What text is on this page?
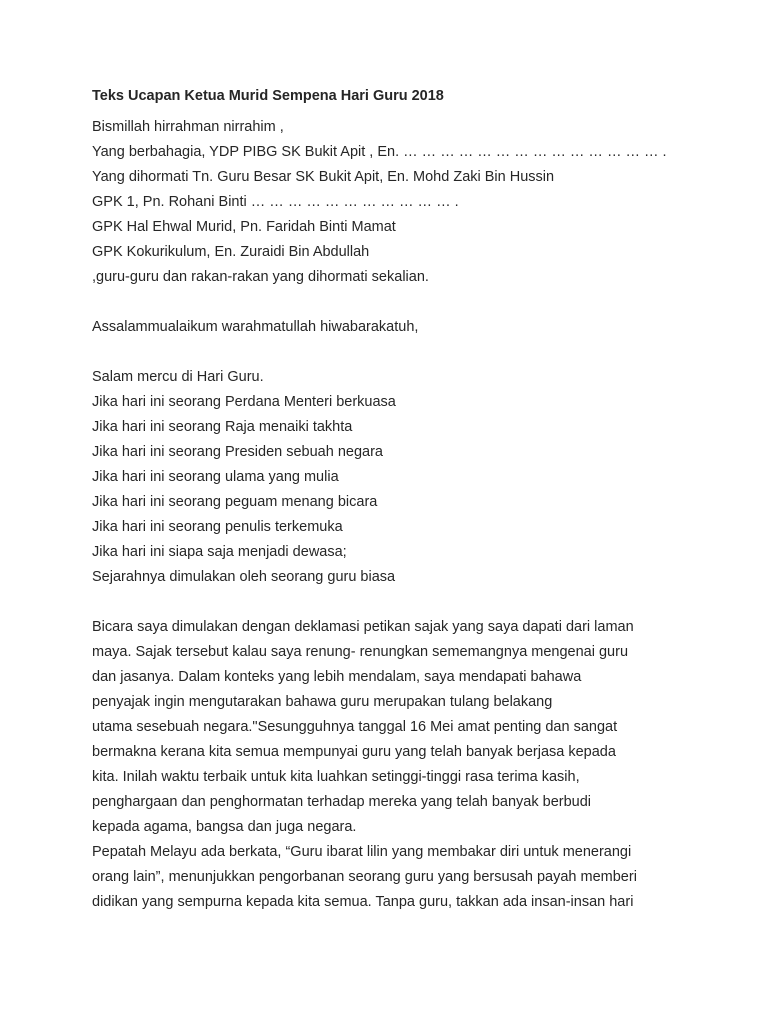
Teks Ucapan Ketua Murid Sempena Hari Guru 2018

Bismillah hirrahman nirrahim ,

Yang berbahagia, YDP PIBG SK Bukit Apit , En. … … … … … … … … … … … … … … .

Yang dihormati Tn. Guru Besar SK Bukit Apit, En. Mohd Zaki Bin Hussin

GPK 1, Pn. Rohani Binti … … … … … … … … … … … .

GPK Hal Ehwal Murid, Pn. Faridah Binti Mamat

GPK Kokurikulum, En. Zuraidi Bin Abdullah

,guru-guru dan rakan-rakan yang dihormati sekalian.

Assalammualaikum warahmatullah hiwabarakatuh,

Salam mercu di Hari Guru.

Jika hari ini seorang Perdana Menteri berkuasa

Jika hari ini seorang Raja menaiki takhta

Jika hari ini seorang Presiden sebuah negara

Jika hari ini seorang ulama yang mulia

Jika hari ini seorang peguam menang bicara

Jika hari ini seorang penulis terkemuka

Jika hari ini siapa saja menjadi dewasa;

Sejarahnya dimulakan oleh seorang guru biasa

Bicara saya dimulakan dengan deklamasi petikan sajak yang saya dapati dari laman

maya. Sajak tersebut kalau saya renung- renungkan sememangnya mengenai guru

dan jasanya. Dalam konteks yang lebih mendalam, saya mendapati bahawa

penyajak ingin mengutarakan bahawa guru merupakan tulang belakang

utama sesebuah negara."Sesungguhnya tanggal 16 Mei amat penting dan sangat

bermakna kerana kita semua mempunyai guru yang telah banyak berjasa kepada

kita. Inilah waktu terbaik untuk kita luahkan setinggi-tinggi rasa terima kasih,

penghargaan dan penghormatan terhadap mereka yang telah banyak berbudi

kepada agama, bangsa dan juga negara.

Pepatah Melayu ada berkata, “Guru ibarat lilin yang membakar diri untuk menerangi

orang lain”, menunjukkan pengorbanan seorang guru yang bersusah payah memberi

didikan yang sempurna kepada kita semua. Tanpa guru, takkan ada insan-insan hari
